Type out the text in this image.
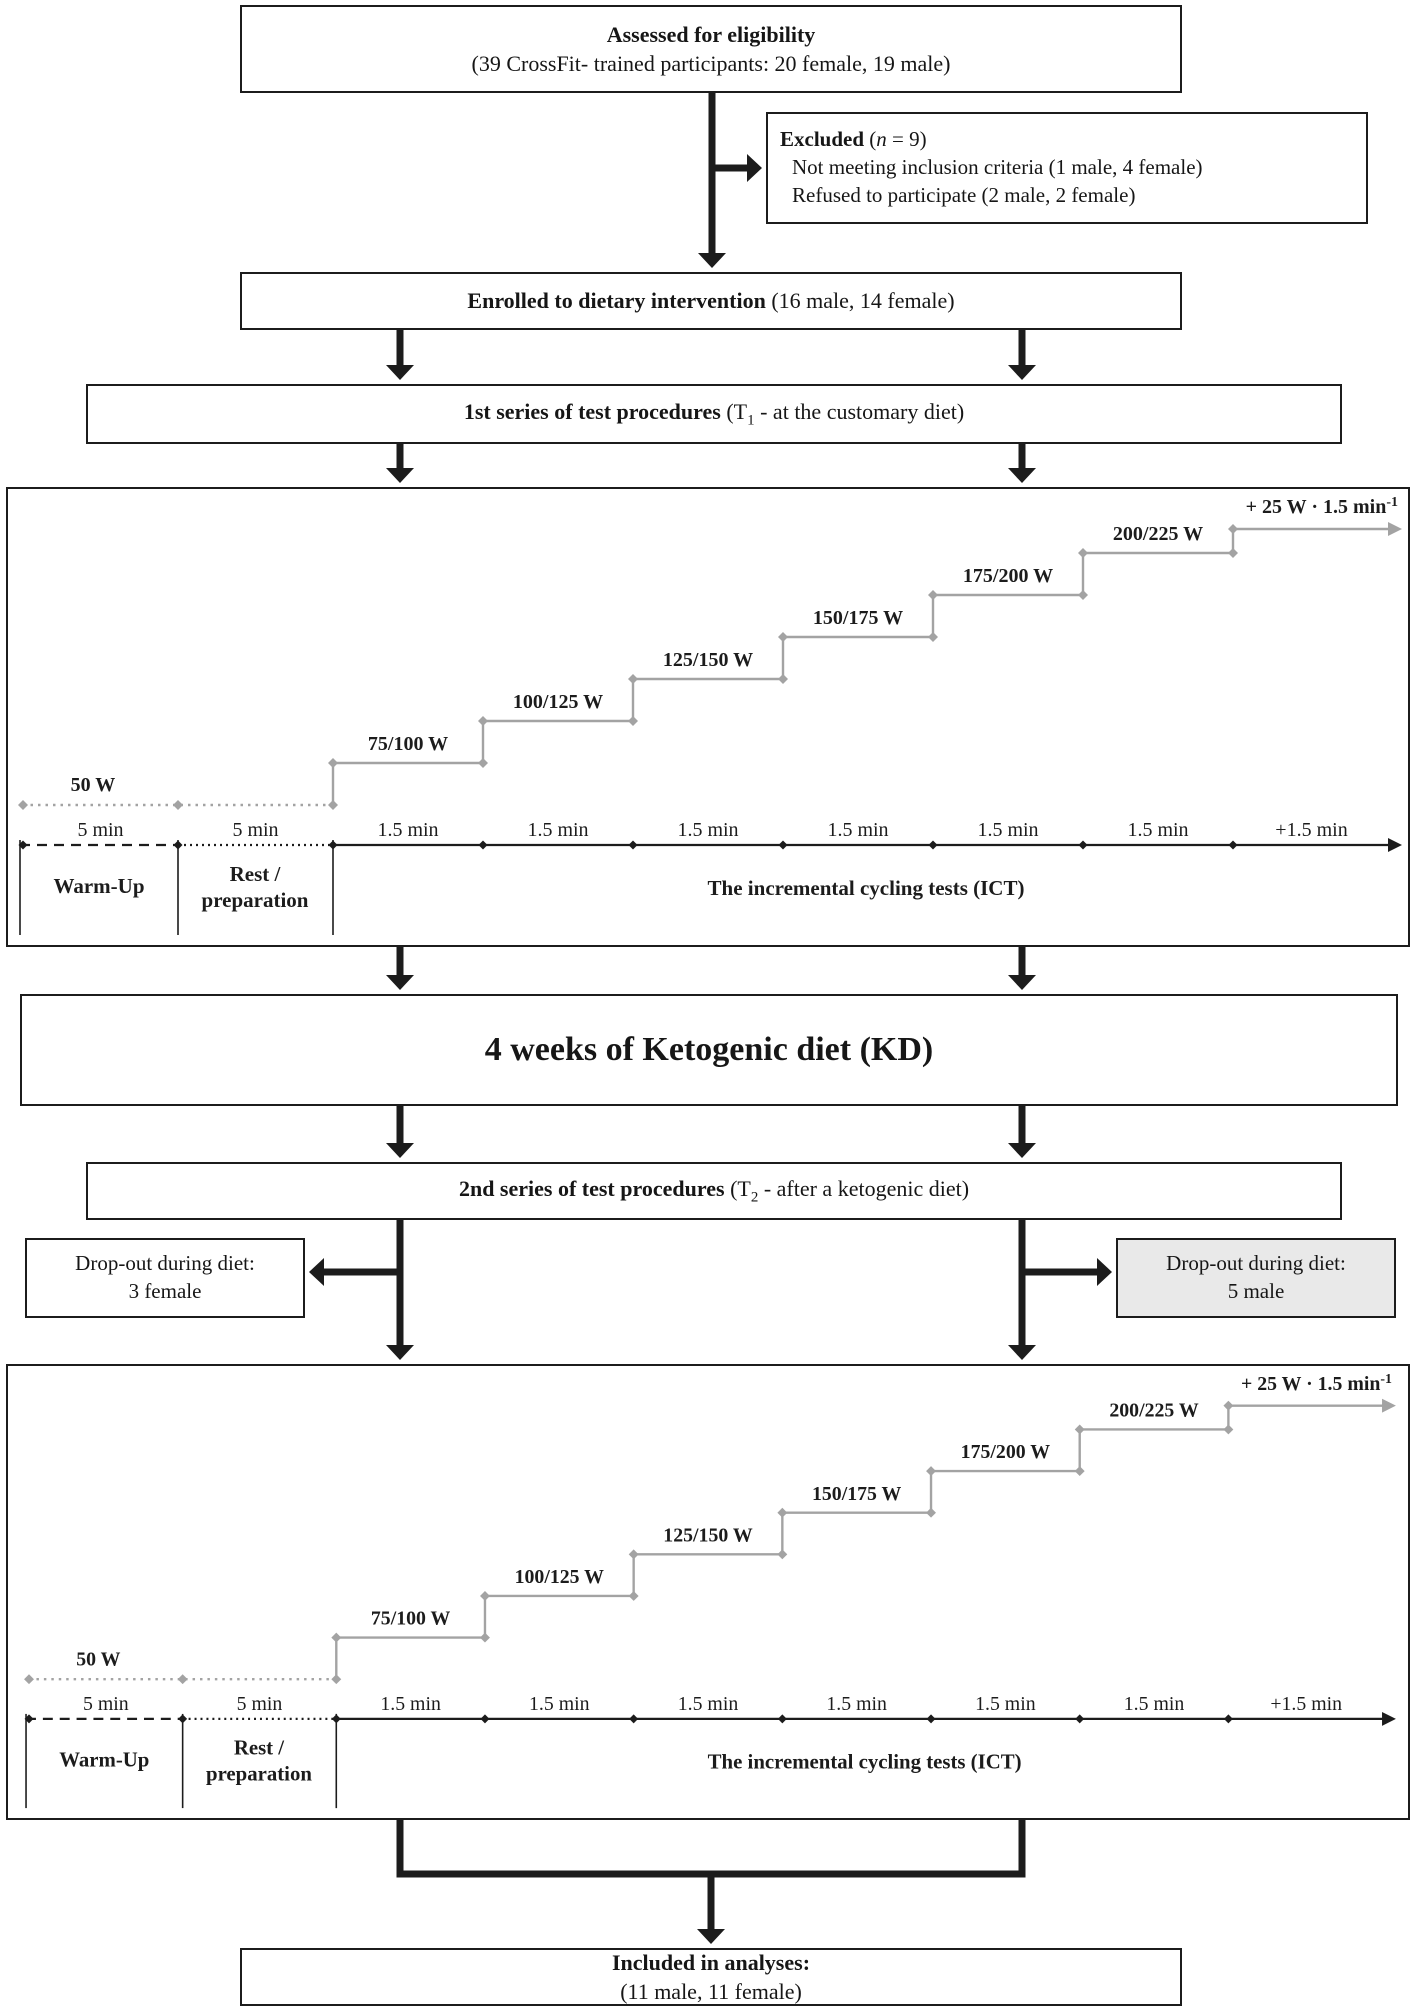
Assessed for eligibility
(39 CrossFit- trained participants: 20 female, 19 male)
Excluded (n = 9)
Not meeting inclusion criteria (1 male, 4 female)
Refused to participate (2 male, 2 female)
Enrolled to dietary intervention (16 male, 14 female)
1st series of test procedures ($T_1$ - at the customary diet)
50 W
75/100 W
100/125 W
125/150 W
150/175 W
175/200 W
200/225 W
+ 25 W · 1.5 $\min^{-1}$
5 min	5 min	1.5 min	1.5 min	1.5 min	1.5 min	1.5 min	1.5 min	+1.5 min
Warm-Up	Rest /
preparation	The incremental cycling tests (ICT)
4 weeks of Ketogenic diet (KD)
2nd series of test procedures ($T_2$ - after a ketogenic diet)
Drop-out during diet:
3 female
Drop-out during diet:
5 male
50 W
75/100 W
100/125 W
125/150 W
150/175 W
175/200 W
200/225 W
+ 25 W · 1.5 $\min^{-1}$
5 min	5 min	1.5 min	1.5 min	1.5 min	1.5 min	1.5 min	1.5 min	+1.5 min
Warm-Up	Rest /
preparation	The incremental cycling tests (ICT)
Included in analyses:
(11 male, 11 female)
